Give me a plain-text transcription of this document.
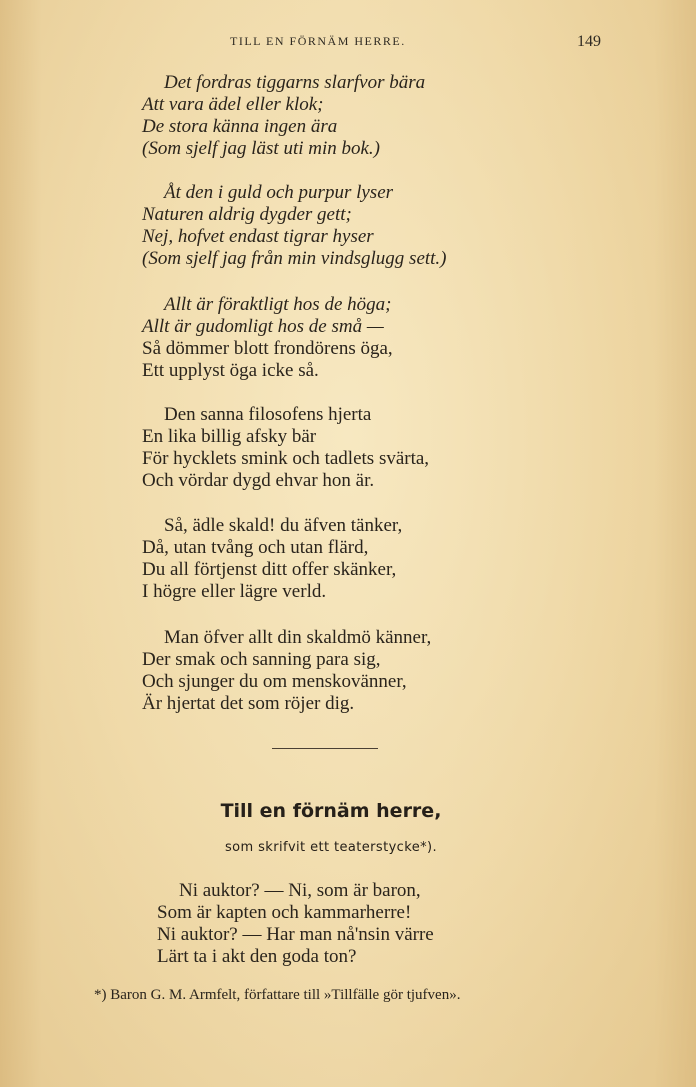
TILL EN FÖRNÄM HERRE.	149
Det fordras tiggarns slarfvor bära
Att vara ädel eller klok;
De stora känna ingen ära
(Som sjelf jag läst uti min bok.)
Åt den i guld och purpur lyser
Naturen aldrig dygder gett;
Nej, hofvet endast tigrar hyser
(Som sjelf jag från min vindsglugg sett.)
Allt är föraktligt hos de höga;
Allt är gudomligt hos de små —
Så dömmer blott frondörens öga,
Ett upplyst öga icke så.
Den sanna filosofens hjerta
En lika billig afsky bär
För hycklets smink och tadlets svärta,
Och vördar dygd ehvar hon är.
Så, ädle skald! du äfven tänker,
Då, utan tvång och utan flärd,
Du all förtjenst ditt offer skänker,
I högre eller lägre verld.
Man öfver allt din skaldmö känner,
Der smak och sanning para sig,
Och sjunger du om menskovänner,
Är hjertat det som röjer dig.
Till en förnäm herre,
som skrifvit ett teaterstycke*).
Ni auktor? — Ni, som är baron,
Som är kapten och kammarherre!
Ni auktor? — Har man nå'nsin värre
Lärt ta i akt den goda ton?
*) Baron G. M. Armfelt, författare till »Tillfälle gör tjufven».
